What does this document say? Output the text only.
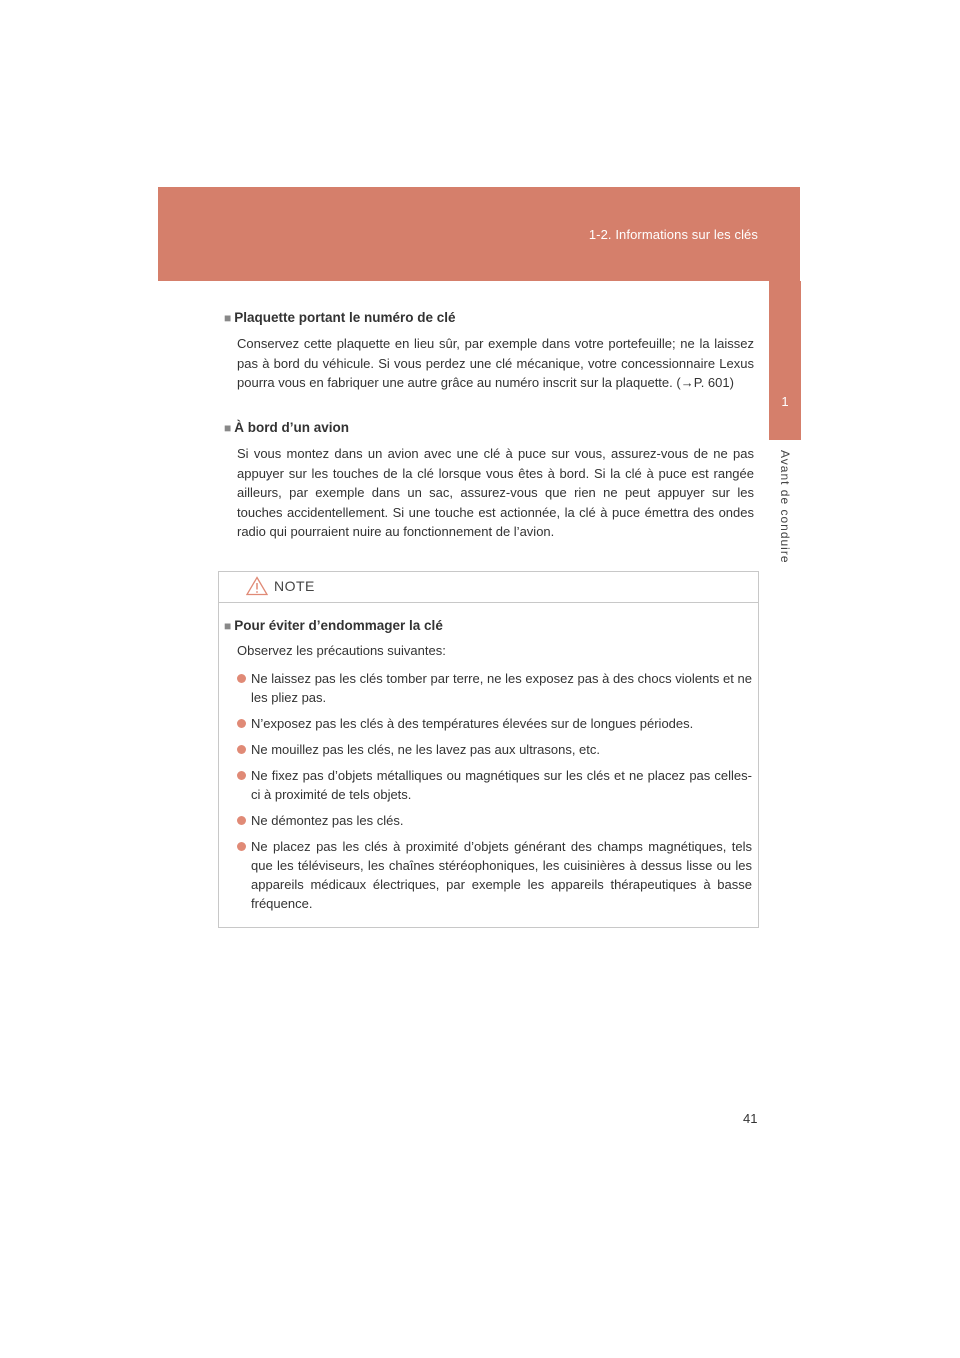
1-2. Informations sur les clés
1
Avant de conduire

■ Plaquette portant le numéro de clé

Conservez cette plaquette en lieu sûr, par exemple dans votre portefeuille; ne la laissez pas à bord du véhicule. Si vous perdez une clé mécanique, votre concessionnaire Lexus pourra vous en fabriquer une autre grâce au numéro inscrit sur la plaquette. (→P. 601)

■ À bord d’un avion

Si vous montez dans un avion avec une clé à puce sur vous, assurez-vous de ne pas appuyer sur les touches de la clé lorsque vous êtes à bord. Si la clé à puce est rangée ailleurs, par exemple dans un sac, assurez-vous que rien ne peut appuyer sur les touches accidentellement. Si une touche est actionnée, la clé à puce émettra des ondes radio qui pourraient nuire au fonctionnement de l’avion.

NOTE

■ Pour éviter d’endommager la clé

Observez les précautions suivantes:

Ne laissez pas les clés tomber par terre, ne les exposez pas à des chocs violents et ne les pliez pas.
N’exposez pas les clés à des températures élevées sur de longues périodes.
Ne mouillez pas les clés, ne les lavez pas aux ultrasons, etc.
Ne fixez pas d’objets métalliques ou magnétiques sur les clés et ne placez pas celles-ci à proximité de tels objets.
Ne démontez pas les clés.
Ne placez pas les clés à proximité d’objets générant des champs magnétiques, tels que les téléviseurs, les chaînes stéréophoniques, les cuisinières à dessus lisse ou les appareils médicaux électriques, par exemple les appareils thérapeutiques à basse fréquence.
41
